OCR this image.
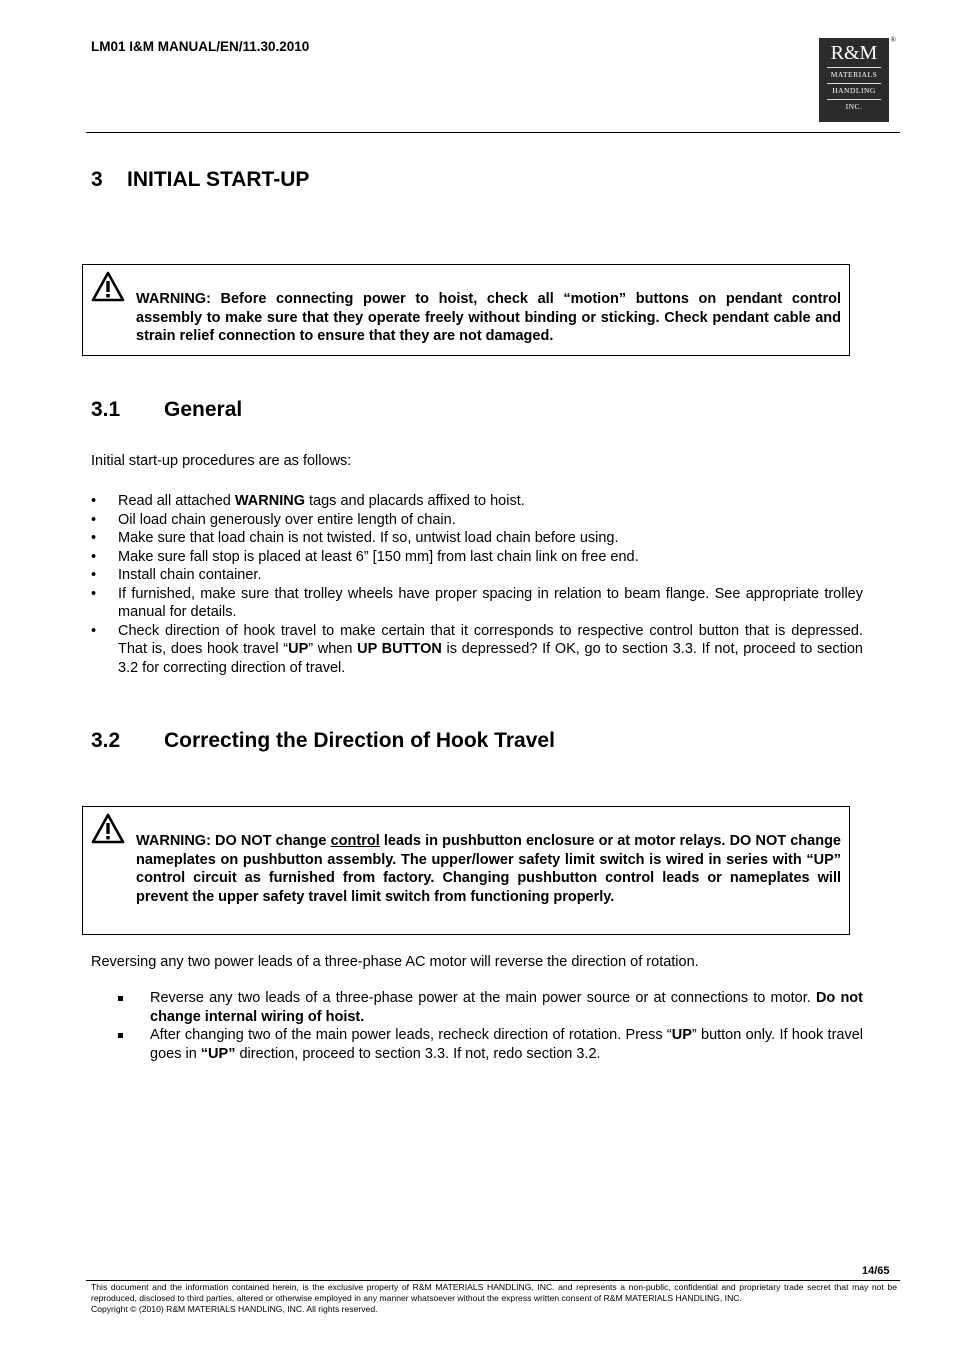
LM01 I&M MANUAL/EN/11.30.2010	®
R&M
MATERIALS
HANDLING
INC.
3 INITIAL START-UP
WARNING: Before connecting power to hoist, check all “motion” buttons on pendant control assembly to make sure that they operate freely without binding or sticking. Check pendant cable and strain relief connection to ensure that they are not damaged.
3.1 General
Initial start-up procedures are as follows:
• Read all attached WARNING tags and placards affixed to hoist.
• Oil load chain generously over entire length of chain.
• Make sure that load chain is not twisted. If so, untwist load chain before using.
• Make sure fall stop is placed at least 6” [150 mm] from last chain link on free end.
• Install chain container.
• If furnished, make sure that trolley wheels have proper spacing in relation to beam flange. See appropriate trolley manual for details.
• Check direction of hook travel to make certain that it corresponds to respective control button that is depressed. That is, does hook travel “UP” when UP BUTTON is depressed? If OK, go to section 3.3. If not, proceed to section 3.2 for correcting direction of travel.
3.2 Correcting the Direction of Hook Travel
WARNING: DO NOT change control leads in pushbutton enclosure or at motor relays. DO NOT change nameplates on pushbutton assembly. The upper/lower safety limit switch is wired in series with “UP” control circuit as furnished from factory. Changing pushbutton control leads or nameplates will prevent the upper safety travel limit switch from functioning properly.
Reversing any two power leads of a three-phase AC motor will reverse the direction of rotation.
Reverse any two leads of a three-phase power at the main power source or at connections to motor. Do not change internal wiring of hoist.
After changing two of the main power leads, recheck direction of rotation. Press “UP” button only. If hook travel goes in “UP” direction, proceed to section 3.3. If not, redo section 3.2.
14/65
This document and the information contained herein, is the exclusive property of R&M MATERIALS HANDLING, INC. and represents a non-public, confidential and proprietary trade secret that may not be reproduced, disclosed to third parties, altered or otherwise employed in any manner whatsoever without the express written consent of R&M MATERIALS HANDLING, INC.
Copyright © (2010) R&M MATERIALS HANDLING, INC. All rights reserved.
